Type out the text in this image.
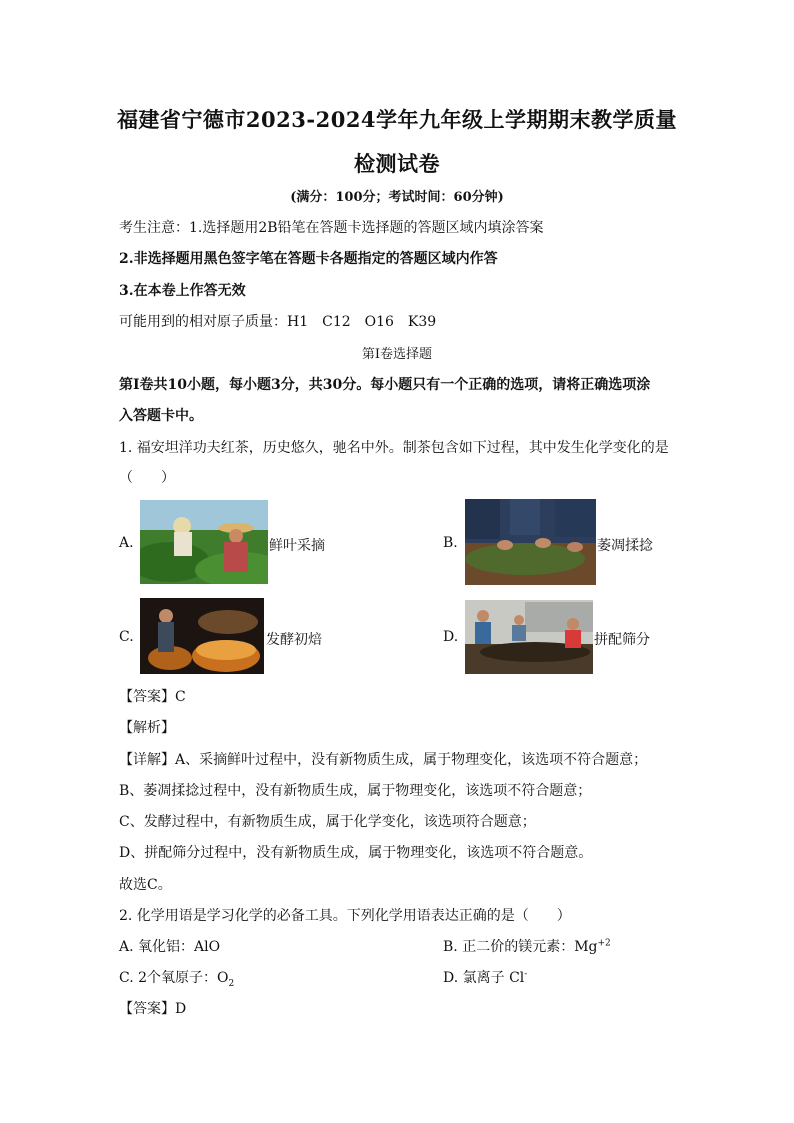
福建省宁德市2023-2024学年九年级上学期期末教学质量
检测试卷
(满分：100分；考试时间：60分钟)
考生注意：1.选择题用2B铅笔在答题卡选择题的答题区域内填涂答案
2.非选择题用黑色签字笔在答题卡各题指定的答题区域内作答
3.在本卷上作答无效
可能用到的相对原子质量：H1　C12　O16　K39
第Ⅰ卷选择题
第Ⅰ卷共10小题，每小题3分，共30分。每小题只有一个正确的选项，请将正确选项涂
入答题卡中。
1. 福安坦洋功夫红茶，历史悠久，驰名中外。制茶包含如下过程，其中发生化学变化的是
（　　）
A.	鲜叶采摘	B.	萎凋揉捻
C.	发酵初焙	D.	拼配筛分
【答案】C
【解析】
【详解】A、采摘鲜叶过程中，没有新物质生成，属于物理变化，该选项不符合题意；
B、萎凋揉捻过程中，没有新物质生成，属于物理变化，该选项不符合题意；
C、发酵过程中，有新物质生成，属于化学变化，该选项符合题意；
D、拼配筛分过程中，没有新物质生成，属于物理变化，该选项不符合题意。
故选C。
2. 化学用语是学习化学的必备工具。下列化学用语表达正确的是（　　）
A. 氧化铝：AlO	B. 正二价的镁元素：$Mg^{+2}$
C. 2个氧原子：$O_2$	D. 氯离子 Cl-
【答案】D
